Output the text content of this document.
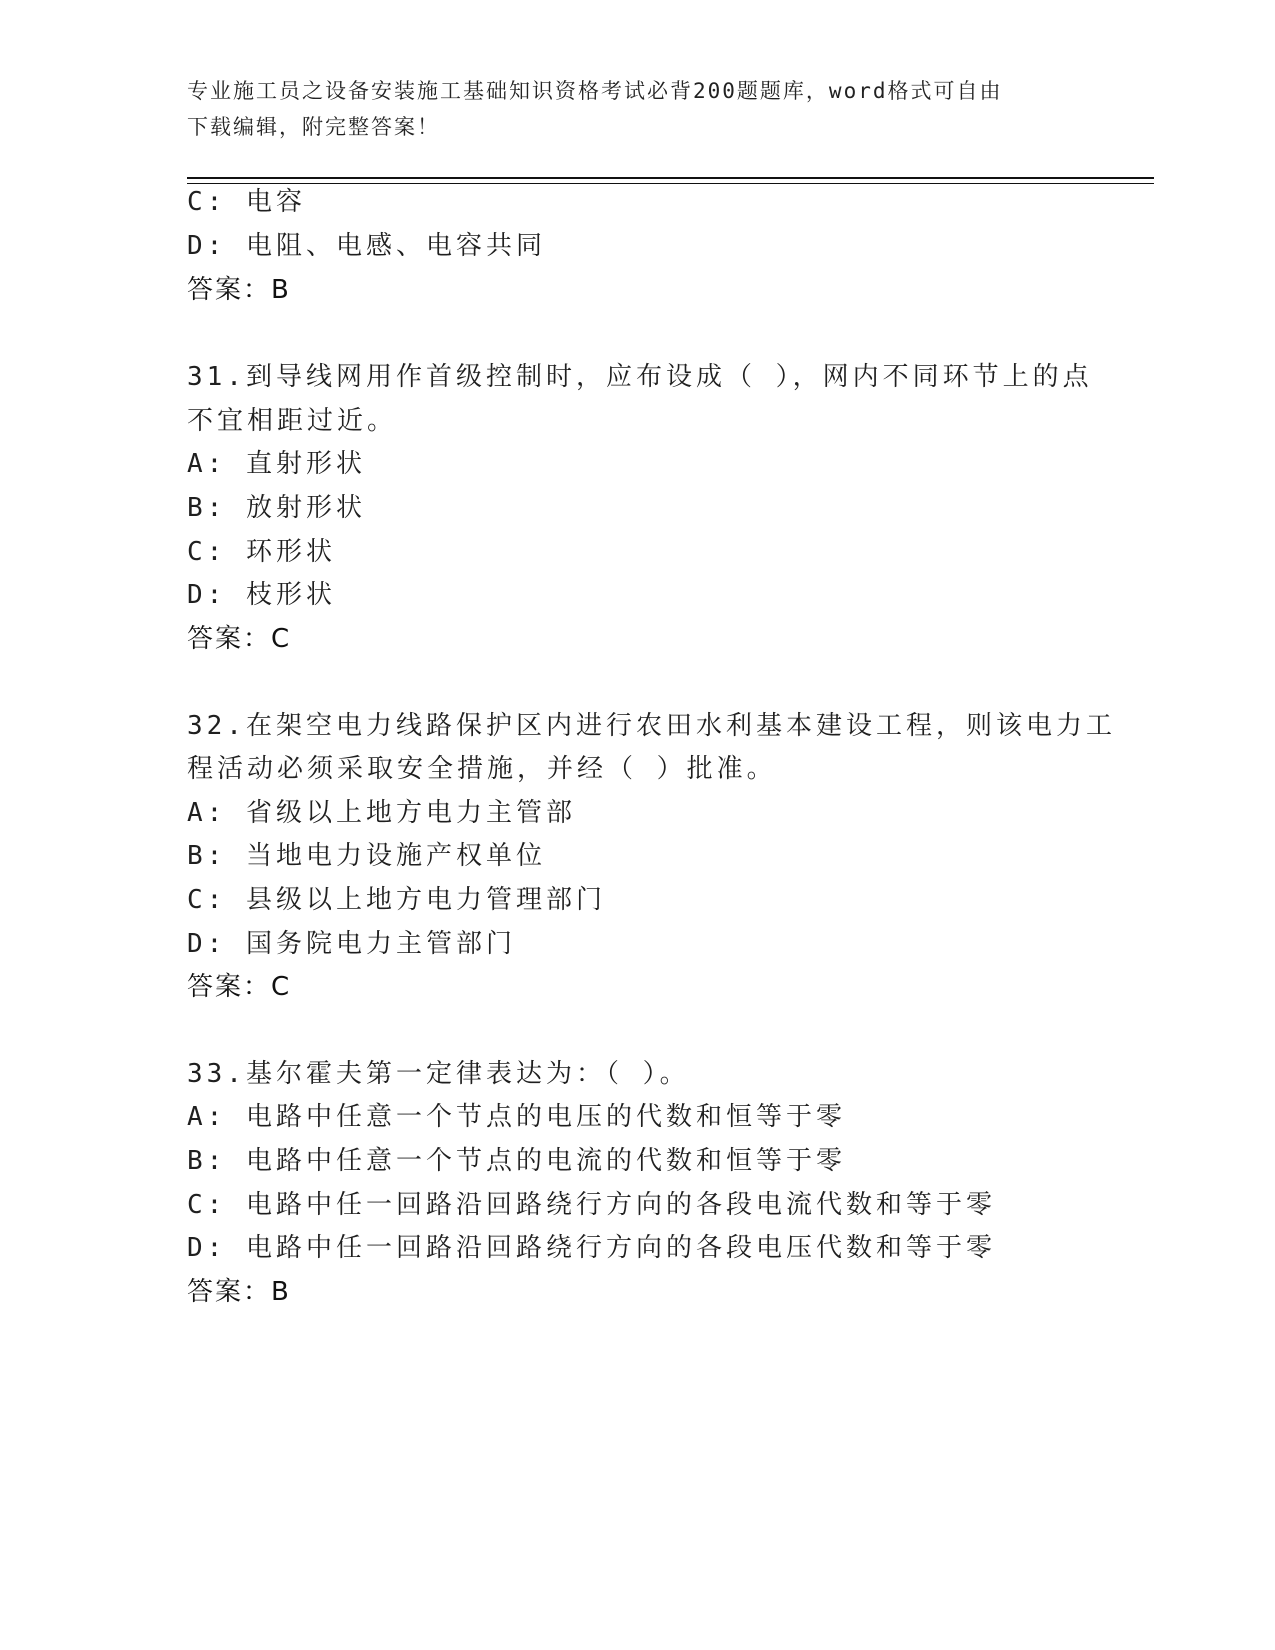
专业施工员之设备安装施工基础知识资格考试必背200题题库，word格式可自由
下载编辑，附完整答案！
C: 电容
D: 电阻、电感、电容共同
答案：B
31.到导线网用作首级控制时，应布设成（ ），网内不同环节上的点
不宜相距过近。
A: 直射形状
B: 放射形状
C: 环形状
D: 枝形状
答案：C
32.在架空电力线路保护区内进行农田水利基本建设工程，则该电力工
程活动必须采取安全措施，并经（ ）批准。
A: 省级以上地方电力主管部
B: 当地电力设施产权单位
C: 县级以上地方电力管理部门
D: 国务院电力主管部门
答案：C
33.基尔霍夫第一定律表达为：（ ）。
A: 电路中任意一个节点的电压的代数和恒等于零
B: 电路中任意一个节点的电流的代数和恒等于零
C: 电路中任一回路沿回路绕行方向的各段电流代数和等于零
D: 电路中任一回路沿回路绕行方向的各段电压代数和等于零
答案：B
